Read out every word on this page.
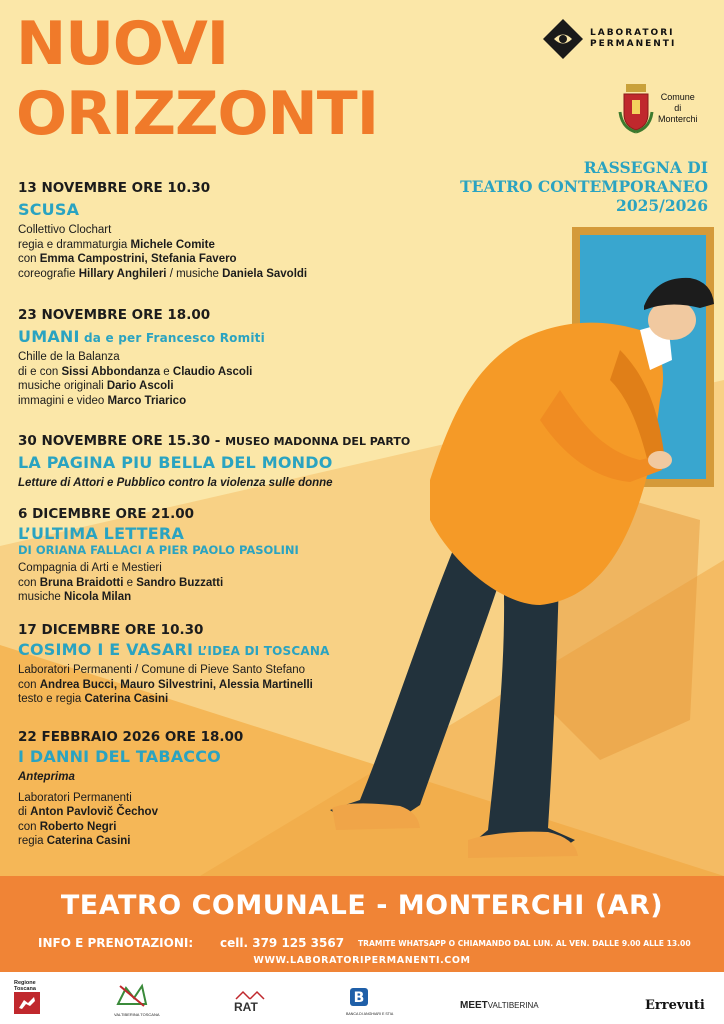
NUOVI
ORIZZONTI
LABORATORI
PERMANENTI
Comune
di
Monterchi
RASSEGNA DI
TEATRO CONTEMPORANEO
2025/2026
13 NOVEMBRE ORE 10.30
SCUSA
Collettivo Clochart
regia e drammaturgia Michele Comite
con Emma Campostrini, Stefania Favero
coreografie Hillary Anghileri / musiche Daniela Savoldi
23 NOVEMBRE ORE 18.00
UMANI da e per Francesco Romiti
Chille de la Balanza
di e con Sissi Abbondanza e Claudio Ascoli
musiche originali Dario Ascoli
immagini e video Marco Triarico
30 NOVEMBRE ORE 15.30 - MUSEO MADONNA DEL PARTO
LA PAGINA PIU BELLA DEL MONDO
Letture di Attori e Pubblico contro la violenza sulle donne
6 DICEMBRE ORE 21.00
L’ULTIMA LETTERA
DI ORIANA FALLACI A PIER PAOLO PASOLINI
Compagnia di Arti e Mestieri
con Bruna Braidotti e Sandro Buzzatti
musiche Nicola Milan
17 DICEMBRE ORE 10.30
COSIMO I E VASARI L’IDEA DI TOSCANA
Laboratori Permanenti / Comune di Pieve Santo Stefano
con Andrea Bucci, Mauro Silvestrini, Alessia Martinelli
testo e regia Caterina Casini
22 FEBBRAIO 2026 ORE 18.00
I DANNI DEL TABACCO
Anteprima
Laboratori Permanenti
di Anton Pavlovič Čechov
con Roberto Negri
regia Caterina Casini
TEATRO COMUNALE - MONTERCHI (AR)
INFO E PRENOTAZIONI: cell. 379 125 3567 TRAMITE WHATSAPP O CHIAMANDO DAL LUN. AL VEN. DALLE 9.00 ALLE 13.00
WWW.LABORATORIPERMANENTI.COM
Regione
Toscana
VALTIBERINA TOSCANA
RAT
B
BANCA DI ANGHIARI E STIA
MEETVALTIBERINA	Errevuti
